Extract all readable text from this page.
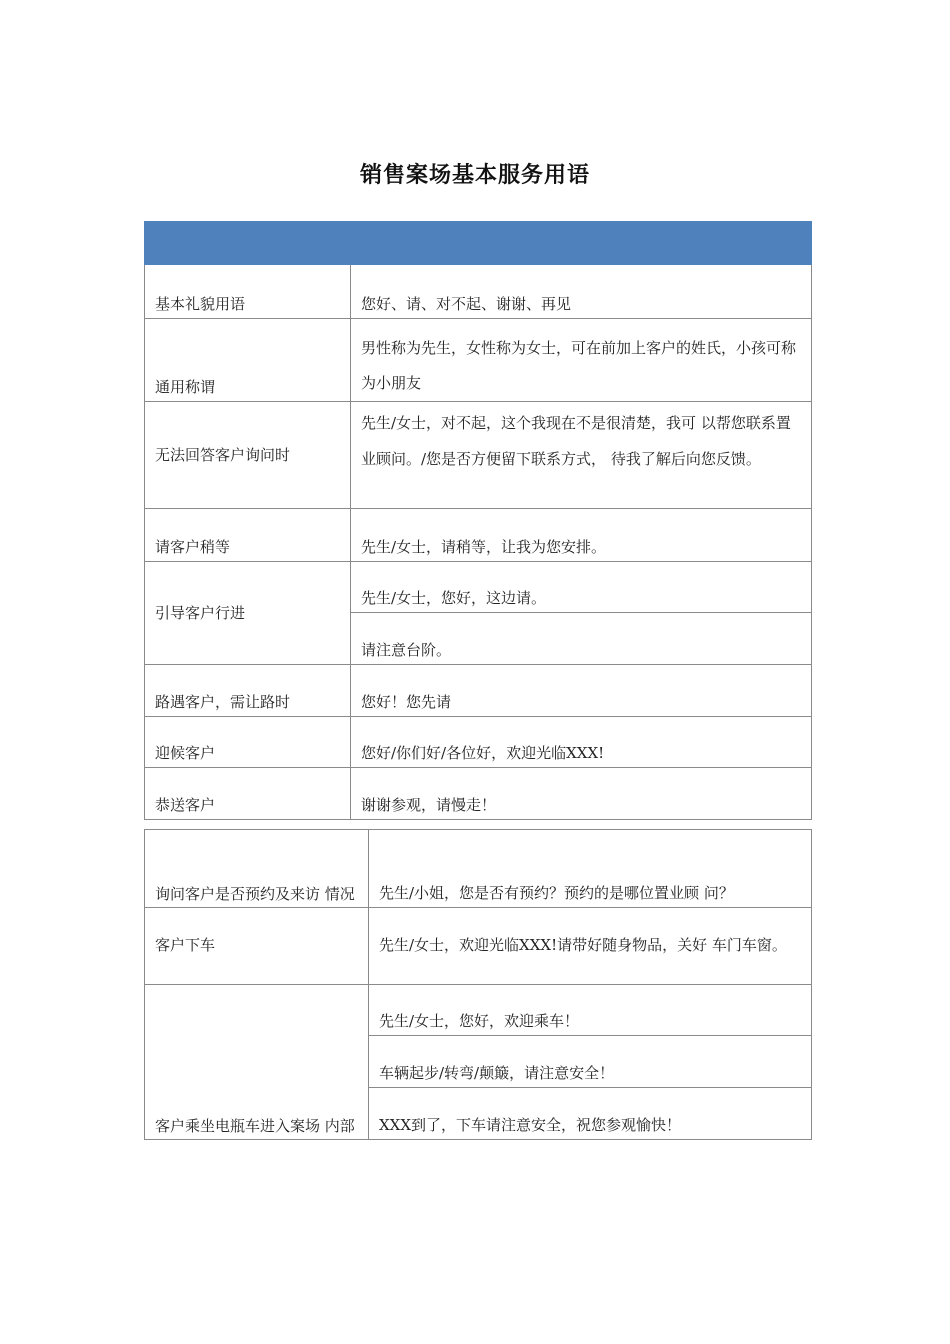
销售案场基本服务用语

基本礼貌用语	您好、请、对不起、谢谢、再见
通用称谓	男性称为先生，女性称为女士，可在前加上客户的姓氏，小孩可称为小朋友
无法回答客户询问时	先生/女士，对不起，这个我现在不是很清楚，我可 以帮您联系置业顾问。/您是否方便留下联系方式， 待我了解后向您反馈。
请客户稍等	先生/女士，请稍等，让我为您安排。
引导客户行进	先生/女士，您好，这边请。
	请注意台阶。
路遇客户，需让路时	您好！您先请
迎候客户	您好/你们好/各位好，欢迎光临XXX!
恭送客户	谢谢参观，请慢走！
询问客户是否预约及来访 情况	先生/小姐，您是否有预约？预约的是哪位置业顾 问？
客户下车	先生/女士，欢迎光临XXX!请带好随身物品，关好 车门车窗。
客户乘坐电瓶车进入案场 内部	先生/女士，您好，欢迎乘车！
	车辆起步/转弯/颠簸，请注意安全！
	XXX到了，下车请注意安全，祝您参观愉快！
